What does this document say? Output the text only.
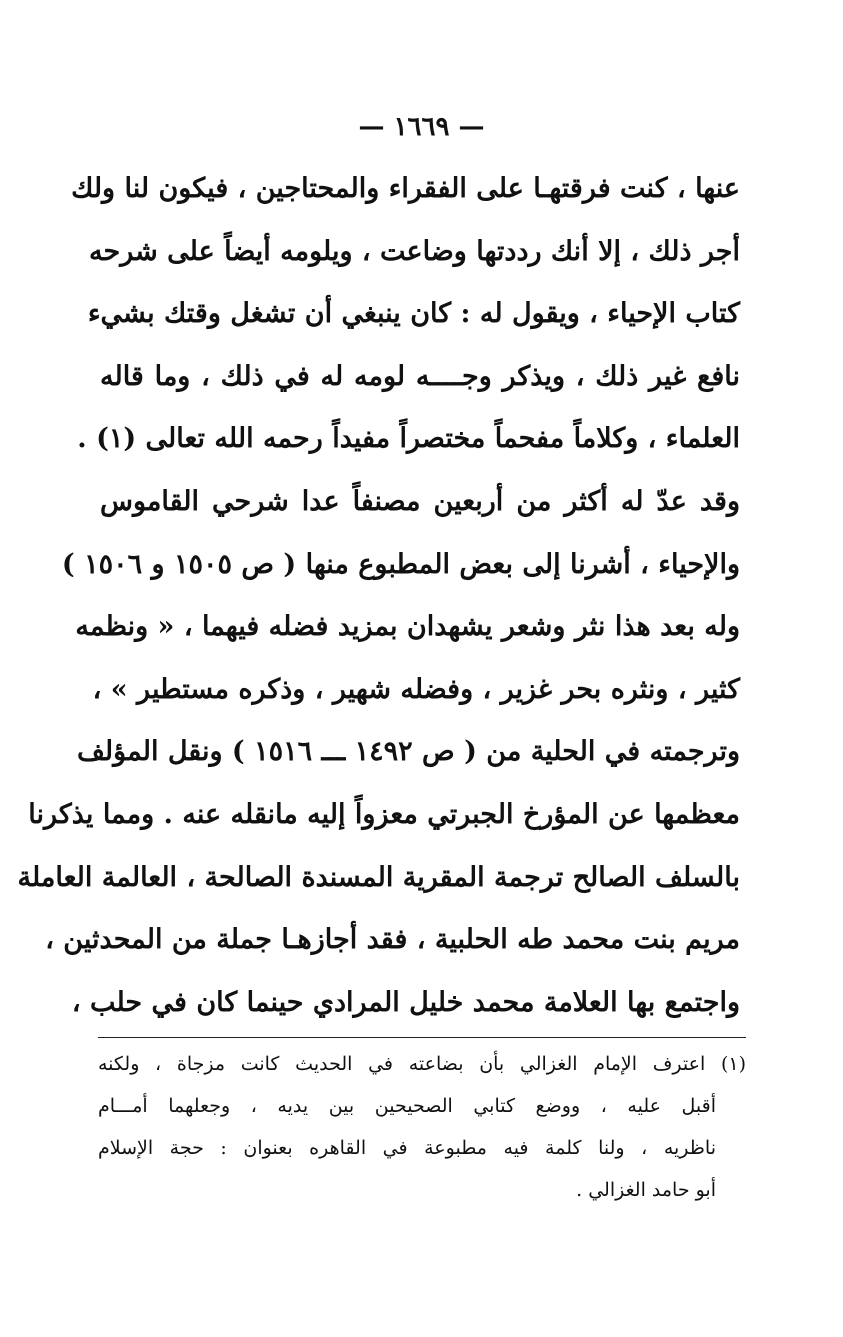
— ١٦٦٩ —
عنها ، كنت فرقتهـا على الفقراء والمحتاجين ، فيكون لنا ولك
أجر ذلك ، إلا أنك رددتها وضاعت ، ويلومه أيضاً على شرحه
كتاب الإحياء ، ويقول له : كان ينبغي أن تشغل وقتك بشيء
نافع غير ذلك ، ويذكر وجــــه لومه له في ذلك ، وما قاله
العلماء ، وكلاماً مفحماً مختصراً مفيداً رحمه الله تعالى (١) .
وقد عدّ له أكثر من أربعين مصنفاً عدا شرحي القاموس
والإحياء ، أشرنا إلى بعض المطبوع منها ( ص ١٥٠٥ و ١٥٠٦ )
وله بعد هذا نثر وشعر يشهدان بمزيد فضله فيهما ، « ونظمه
كثير ، ونثره بحر غزير ، وفضله شهير ، وذكره مستطير » ،
وترجمته في الحلية من ( ص ١٤٩٢ ـــ ١٥١٦ ) ونقل المؤلف
معظمها عن المؤرخ الجبرتي معزواً إليه مانقله عنه . ومما يذكرنا
بالسلف الصالح ترجمة المقرية المسندة الصالحة ، العالمة العاملة
مريم بنت محمد طه الحلبية ، فقد أجازهـا جملة من المحدثين ،
واجتمع بها العلامة محمد خليل المرادي حينما كان في حلب ،
(١) اعترف الإمام الغزالي بأن بضاعته في الحديث كانت مزجاة ، ولكنه
أقبل عليه ، ووضع كتابي الصحيحين بين يديه ، وجعلهما أمـــام
ناظريه ، ولنا كلمة فيه مطبوعة في القاهره بعنوان : حجة الإسلام
أبو حامد الغزالي .
